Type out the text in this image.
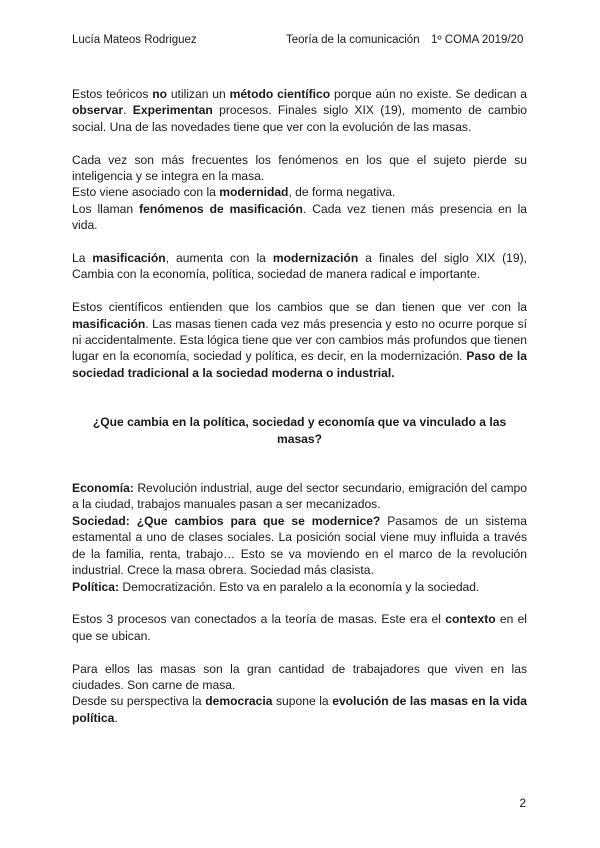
Lucía Mateos Rodriguez	Teoría de la comunicación 1º COMA 2019/20

Estos teóricos no utilizan un método científico porque aún no existe. Se dedican a observar. Experimentan procesos. Finales siglo XIX (19), momento de cambio social. Una de las novedades tiene que ver con la evolución de las masas.

Cada vez son más frecuentes los fenómenos en los que el sujeto pierde su inteligencia y se integra en la masa.

Esto viene asociado con la modernidad, de forma negativa.

Los llaman fenómenos de masificación. Cada vez tienen más presencia en la vida.

La masificación, aumenta con la modernización a finales del siglo XIX (19), Cambia con la economía, política, sociedad de manera radical e importante.

Estos científicos entienden que los cambios que se dan tienen que ver con la masificación. Las masas tienen cada vez más presencia y esto no ocurre porque sí ni accidentalmente. Esta lógica tiene que ver con cambios más profundos que tienen lugar en la economía, sociedad y política, es decir, en la modernización. Paso de la sociedad tradicional a la sociedad moderna o industrial.

¿Que cambia en la política, sociedad y economía que va vinculado a las masas?

Economía: Revolución industrial, auge del sector secundario, emigración del campo a la ciudad, trabajos manuales pasan a ser mecanizados.

Sociedad: ¿Que cambios para que se modernice? Pasamos de un sistema estamental a uno de clases sociales. La posición social viene muy influida a través de la familia, renta, trabajo… Esto se va moviendo en el marco de la revolución industrial. Crece la masa obrera. Sociedad más clasista.

Política: Democratización. Esto va en paralelo a la economía y la sociedad.

Estos 3 procesos van conectados a la teoría de masas. Este era el contexto en el que se ubican.

Para ellos las masas son la gran cantidad de trabajadores que viven en las ciudades. Son carne de masa.

Desde su perspectiva la democracia supone la evolución de las masas en la vida política.

2
